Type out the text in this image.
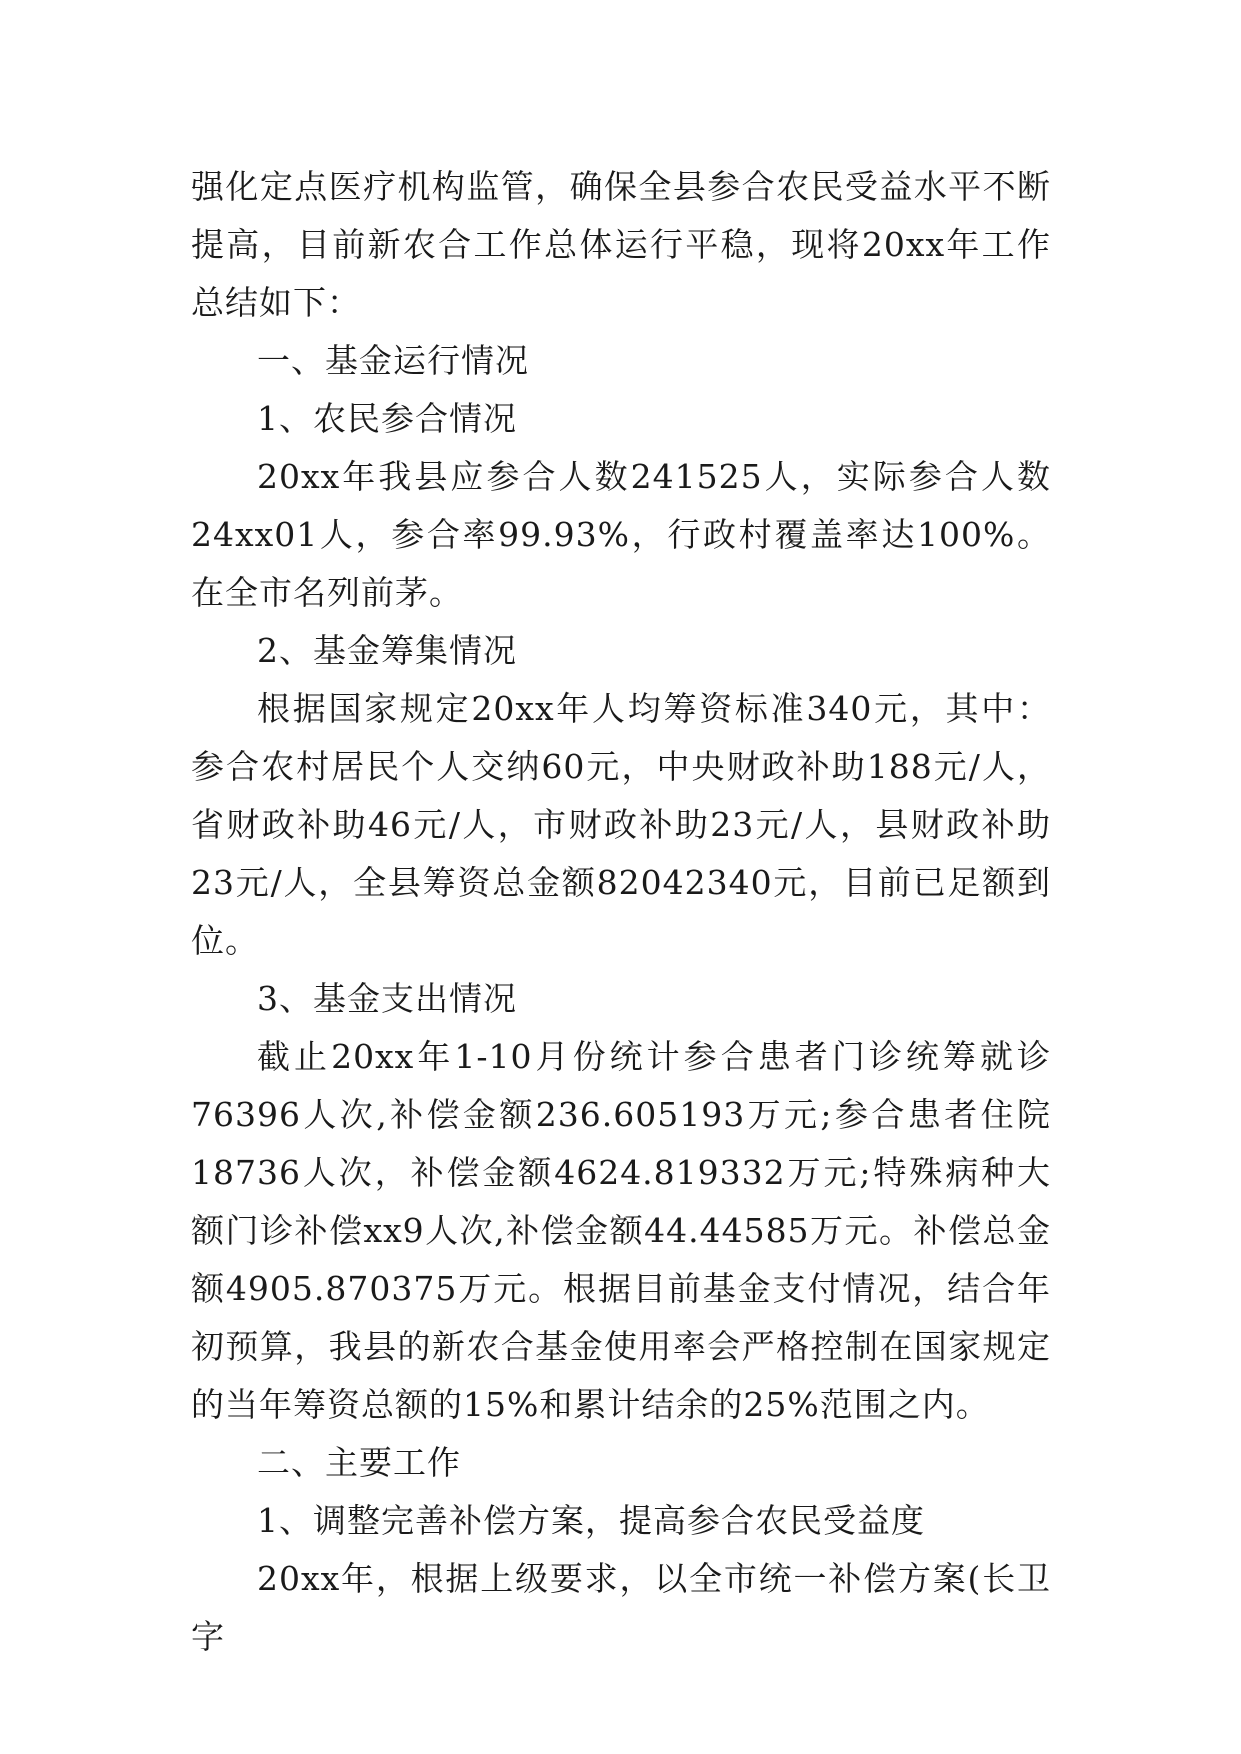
强化定点医疗机构监管，确保全县参合农民受益水平不断提高，目前新农合工作总体运行平稳，现将20xx年工作总结如下：

一、基金运行情况

1、农民参合情况

20xx年我县应参合人数241525人，实际参合人数24xx01人，参合率99.93%，行政村覆盖率达100%。在全市名列前茅。

2、基金筹集情况

根据国家规定20xx年人均筹资标准340元，其中：参合农村居民个人交纳60元，中央财政补助188元/人，省财政补助46元/人，市财政补助23元/人，县财政补助23元/人，全县筹资总金额82042340元，目前已足额到位。

3、基金支出情况

截止20xx年1-10月份统计参合患者门诊统筹就诊76396人次,补偿金额236.605193万元;参合患者住院18736人次，补偿金额4624.819332万元;特殊病种大额门诊补偿xx9人次,补偿金额44.44585万元。补偿总金额4905.870375万元。根据目前基金支付情况，结合年初预算，我县的新农合基金使用率会严格控制在国家规定的当年筹资总额的15%和累计结余的25%范围之内。

二、主要工作

1、调整完善补偿方案，提高参合农民受益度

20xx年，根据上级要求，以全市统一补偿方案(长卫字
